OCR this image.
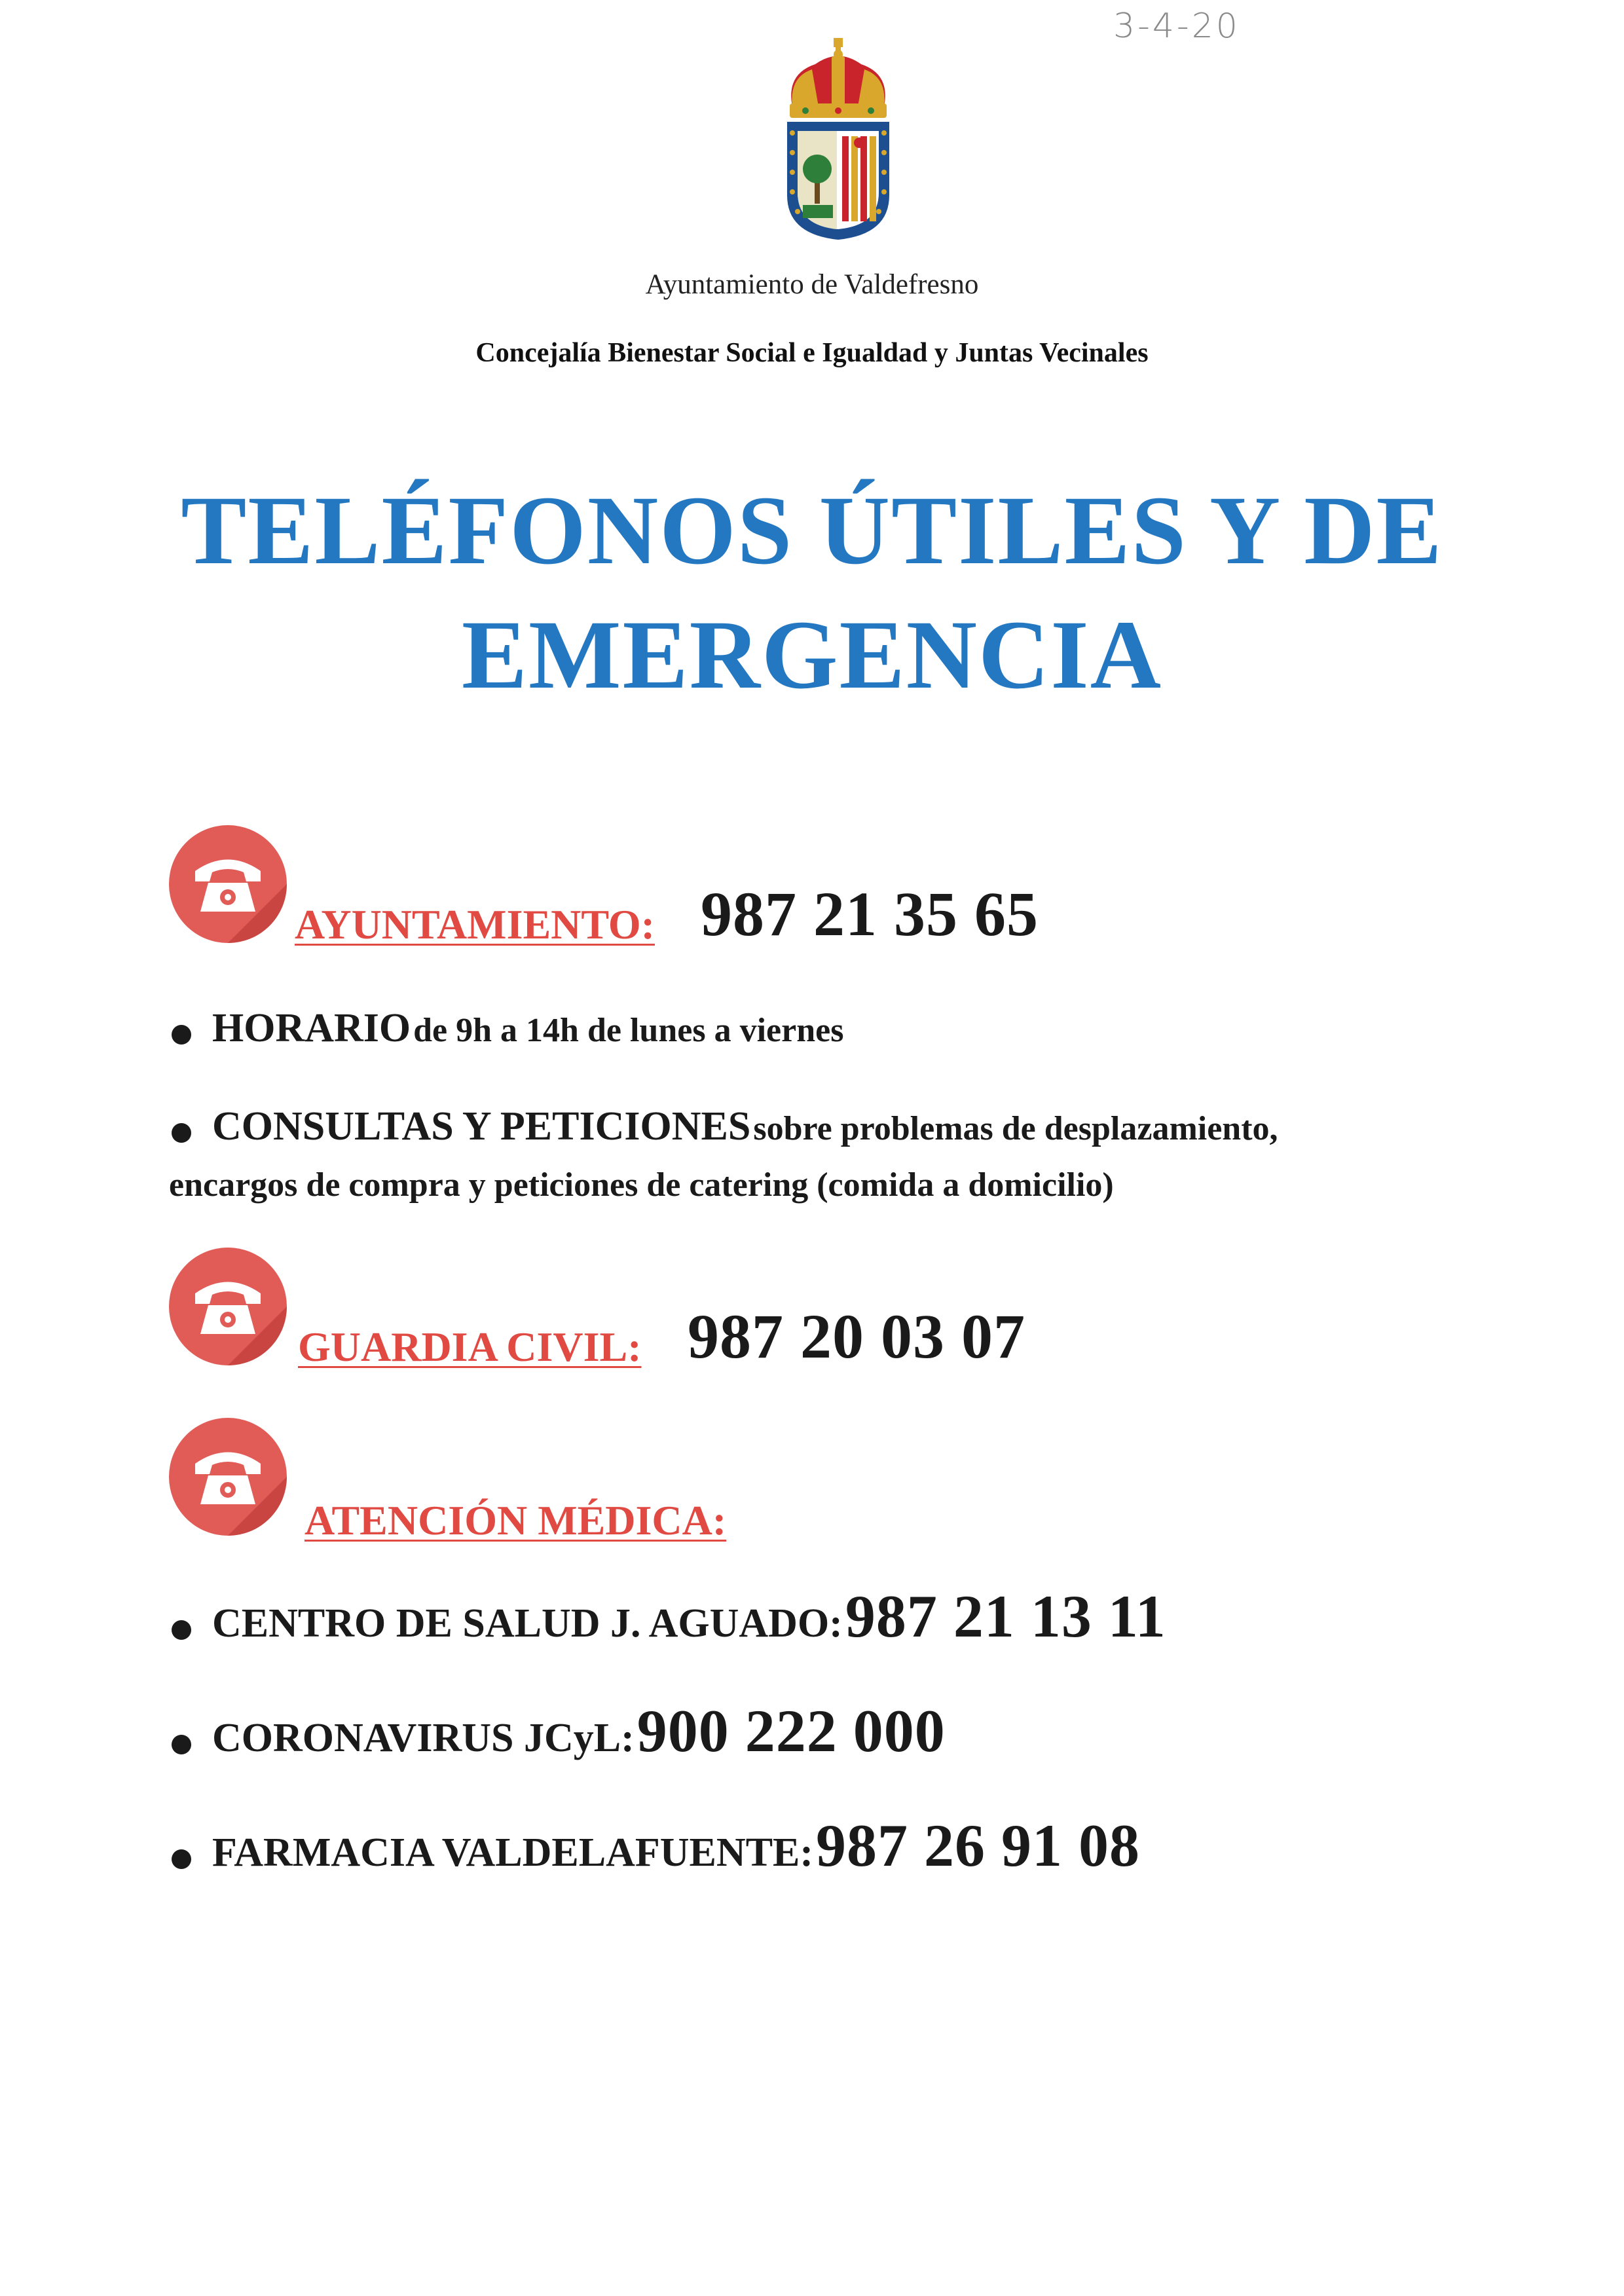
3-4-20
Ayuntamiento de Valdefresno
Concejalía Bienestar Social e Igualdad y Juntas Vecinales
TELÉFONOS ÚTILES Y DE
EMERGENCIA
AYUNTAMIENTO: 987 21 35 65
HORARIO de 9h a 14h de lunes a viernes
CONSULTAS Y PETICIONES sobre problemas de desplazamiento,
encargos de compra y peticiones de catering (comida a domicilio)
GUARDIA CIVIL: 987 20 03 07
ATENCIÓN MÉDICA:
CENTRO DE SALUD J. AGUADO: 987 21 13 11
CORONAVIRUS JCyL: 900 222 000
FARMACIA VALDELAFUENTE: 987 26 91 08
